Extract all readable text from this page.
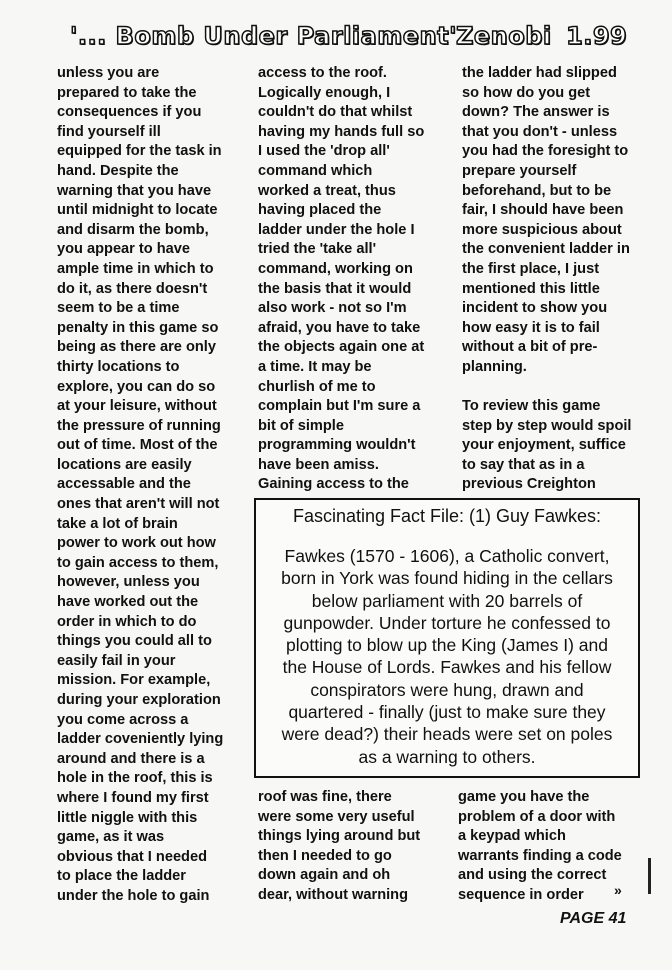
'... Bomb Under Parliament' Zenobi 1.99
unless you are
prepared to take the
consequences if you
find yourself ill
equipped for the task in
hand. Despite the
warning that you have
until midnight to locate
and disarm the bomb,
you appear to have
ample time in which to
do it, as there doesn't
seem to be a time
penalty in this game so
being as there are only
thirty locations to
explore, you can do so
at your leisure, without
the pressure of running
out of time. Most of the
locations are easily
accessable and the
ones that aren't will not
take a lot of brain
power to work out how
to gain access to them,
however, unless you
have worked out the
order in which to do
things you could all to
easily fail in your
mission. For example,
during your exploration
you come across a
ladder coveniently lying
around and there is a
hole in the roof, this is
where I found my first
little niggle with this
game, as it was
obvious that I needed
to place the ladder
under the hole to gain
access to the roof.
Logically enough, I
couldn't do that whilst
having my hands full so
I used the 'drop all'
command which
worked a treat, thus
having placed the
ladder under the hole I
tried the 'take all'
command, working on
the basis that it would
also work - not so I'm
afraid, you have to take
the objects again one at
a time. It may be
churlish of me to
complain but I'm sure a
bit of simple
programming wouldn't
have been amiss.
Gaining access to the
roof was fine, there
were some very useful
things lying around but
then I needed to go
down again and oh
dear, without warning
the ladder had slipped
so how do you get
down? The answer is
that you don't - unless
you had the foresight to
prepare yourself
beforehand, but to be
fair, I should have been
more suspicious about
the convenient ladder in
the first place, I just
mentioned this little
incident to show you
how easy it is to fail
without a bit of pre-
planning.
To review this game
step by step would spoil
your enjoyment, suffice
to say that as in a
previous Creighton
game you have the
problem of a door with
a keypad which
warrants finding a code
and using the correct
sequence in order
Fascinating Fact File: (1) Guy Fawkes:
Fawkes (1570 - 1606), a Catholic convert,
born in York was found hiding in the cellars
below parliament with 20 barrels of
gunpowder. Under torture he confessed to
plotting to blow up the King (James I) and
the House of Lords. Fawkes and his fellow
conspirators were hung, drawn and
quartered - finally (just to make sure they
were dead?) their heads were set on poles
as a warning to others.
»
PAGE 41
